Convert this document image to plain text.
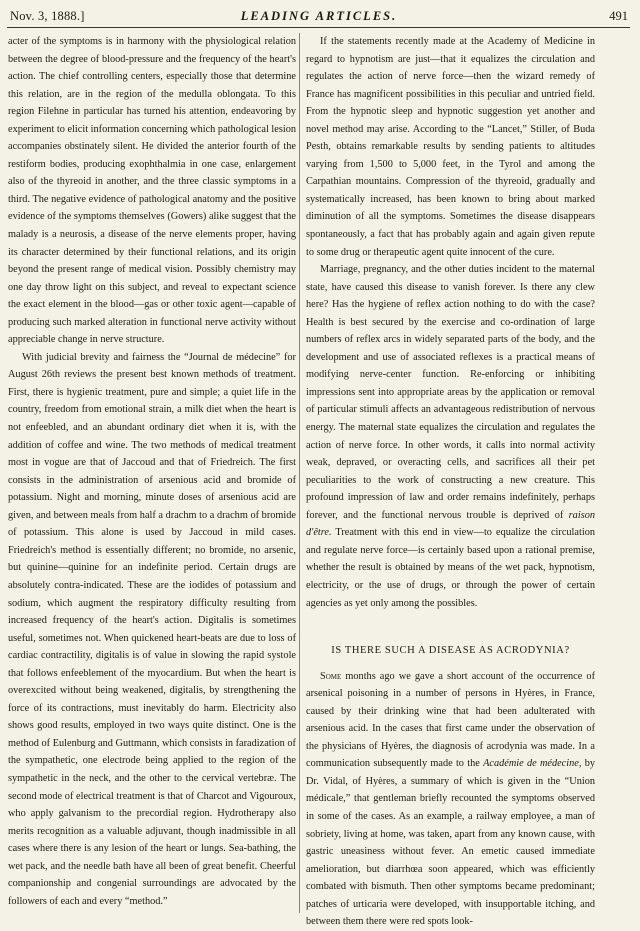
Nov. 3, 1888.]	LEADING ARTICLES.	491

acter of the symptoms is in harmony with the physiological relation between the degree of blood-pressure and the frequency of the heart's action. The chief controlling centers, especially those that determine this relation, are in the region of the medulla oblongata. To this region Filehne in particular has turned his attention, endeavoring by experiment to elicit information concerning which pathological lesion accompanies obstinately silent. He divided the anterior fourth of the restiform bodies, producing exophthalmia in one case, enlargement also of the thyreoid in another, and the three classic symptoms in a third. The negative evidence of pathological anatomy and the positive evidence of the symptoms themselves (Gowers) alike suggest that the malady is a neurosis, a disease of the nerve elements proper, having its character determined by their functional relations, and its origin beyond the present range of medical vision. Possibly chemistry may one day throw light on this subject, and reveal to expectant science the exact element in the blood—gas or other toxic agent—capable of producing such marked alteration in functional nerve activity without appreciable change in nerve structure.

With judicial brevity and fairness the “Journal de médecine” for August 26th reviews the present best known methods of treatment. First, there is hygienic treatment, pure and simple; a quiet life in the country, freedom from emotional strain, a milk diet when the heart is not enfeebled, and an abundant ordinary diet when it is, with the addition of coffee and wine. The two methods of medical treatment most in vogue are that of Jaccoud and that of Friedreich. The first consists in the administration of arsenious acid and bromide of potassium. Night and morning, minute doses of arsenious acid are given, and between meals from half a drachm to a drachm of bromide of potassium. This alone is used by Jaccoud in mild cases. Friedreich's method is essentially different; no bromide, no arsenic, but quinine—quinine for an indefinite period. Certain drugs are absolutely contra-indicated. These are the iodides of potassium and sodium, which augment the respiratory difficulty resulting from increased frequency of the heart's action. Digitalis is sometimes useful, sometimes not. When quickened heart-beats are due to loss of cardiac contractility, digitalis is of value in slowing the rapid systole that follows enfeeblement of the myocardium. But when the heart is overexcited without being weakened, digitalis, by strengthening the force of its contractions, must inevitably do harm. Electricity also shows good results, employed in two ways quite distinct. One is the method of Eulenburg and Guttmann, which consists in faradization of the sympathetic, one electrode being applied to the region of the sympathetic in the neck, and the other to the cervical vertebræ. The second mode of electrical treatment is that of Charcot and Vigouroux, who apply galvanism to the precordial region. Hydrotherapy also merits recognition as a valuable adjuvant, though inadmissible in all cases where there is any lesion of the heart or lungs. Sea-bathing, the wet pack, and the needle bath have all been of great benefit. Cheerful companionship and congenial surroundings are advocated by the followers of each and every “method.”

If the statements recently made at the Academy of Medicine in regard to hypnotism are just—that it equalizes the circulation and regulates the action of nerve force—then the wizard remedy of France has magnificent possibilities in this peculiar and untried field. From the hypnotic sleep and hypnotic suggestion yet another and novel method may arise. According to the “Lancet,” Stiller, of Buda Pesth, obtains remarkable results by sending patients to altitudes varying from 1,500 to 5,000 feet, in the Tyrol and among the Carpathian mountains. Compression of the thyreoid, gradually and systematically increased, has been known to bring about marked diminution of all the symptoms. Sometimes the disease disappears spontaneously, a fact that has probably again and again given repute to some drug or therapeutic agent quite innocent of the cure.

Marriage, pregnancy, and the other duties incident to the maternal state, have caused this disease to vanish forever. Is there any clew here? Has the hygiene of reflex action nothing to do with the case? Health is best secured by the exercise and co-ordination of large numbers of reflex arcs in widely separated parts of the body, and the development and use of associated reflexes is a practical means of modifying nerve-center function. Re-enforcing or inhibiting impressions sent into appropriate areas by the application or removal of particular stimuli affects an advantageous redistribution of nervous energy. The maternal state equalizes the circulation and regulates the action of nerve force. In other words, it calls into normal activity weak, depraved, or overacting cells, and sacrifices all their pet peculiarities to the work of constructing a new creature. This profound impression of law and order remains indefinitely, perhaps forever, and the functional nervous trouble is deprived of raison d'être. Treatment with this end in view—to equalize the circulation and regulate nerve force—is certainly based upon a rational premise, whether the result is obtained by means of the wet pack, hypnotism, electricity, or the use of drugs, or through the power of certain agencies as yet only among the possibles.

IS THERE SUCH A DISEASE AS ACRODYNIA?

Some months ago we gave a short account of the occurrence of arsenical poisoning in a number of persons in Hyères, in France, caused by their drinking wine that had been adulterated with arsenious acid. In the cases that first came under the observation of the physicians of Hyères, the diagnosis of acrodynia was made. In a communication subsequently made to the Académie de médecine, by Dr. Vidal, of Hyères, a summary of which is given in the “Union médicale,” that gentleman briefly recounted the symptoms observed in some of the cases. As an example, a railway employee, a man of sobriety, living at home, was taken, apart from any known cause, with gastric uneasiness without fever. An emetic caused immediate amelioration, but diarrhœa soon appeared, which was efficiently combated with bismuth. Then other symptoms became predominant; patches of urticaria were developed, with insupportable itching, and between them there were red spots look-
